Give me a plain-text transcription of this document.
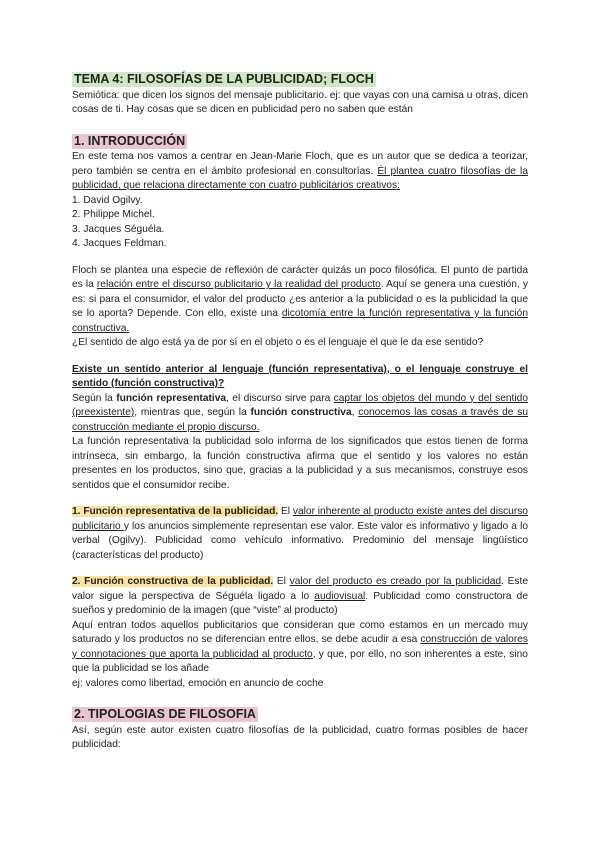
TEMA 4: FILOSOFÍAS DE LA PUBLICIDAD; FLOCH

Semiótica: que dicen los signos del mensaje publicitario. ej: que vayas con una camisa u otras, dicen cosas de ti. Hay cosas que se dicen en publicidad pero no saben que están

1. INTRODUCCIÓN

En este tema nos vamos a centrar en Jean-Marie Floch, que es un autor que se dedica a teorizar, pero también se centra en el ámbito profesional en consultorías. Él plantea cuatro filosofías de la publicidad, que relaciona directamente con cuatro publicitarios creativos:

1. David Ogilvy.
2. Philippe Michel.
3. Jacques Séguéla.
4. Jacques Feldman.

Floch se plantea una especie de reflexión de carácter quizás un poco filosófica. El punto de partida es la relación entre el discurso publicitario y la realidad del producto. Aquí se genera una cuestión, y es: si para el consumidor, el valor del producto ¿es anterior a la publicidad o es la publicidad la que se lo aporta? Depende. Con ello, existe una dicotomía entre la función representativa y la función constructiva.

¿El sentido de algo está ya de por sí en el objeto o es el lenguaje el que le da ese sentido?

Existe un sentido anterior al lenguaje (función representativa), o el lenguaje construye el sentido (función constructiva)?

Según la función representativa, el discurso sirve para captar los objetos del mundo y del sentido (preexistente), mientras que, según la función constructiva, conocemos las cosas a través de su construcción mediante el propio discurso.

La función representativa la publicidad solo informa de los significados que estos tienen de forma intrínseca, sin embargo, la función constructiva afirma que el sentido y los valores no están presentes en los productos, sino que, gracias a la publicidad y a sus mecanismos, construye esos sentidos que el consumidor recibe.

1. Función representativa de la publicidad. El valor inherente al producto existe antes del discurso publicitario y los anuncios simplemente representan ese valor. Este valor es informativo y ligado a lo verbal (Ogilvy). Publicidad como vehículo informativo. Predominio del mensaje lingüístico (características del producto)

2. Función constructiva de la publicidad. El valor del producto es creado por la publicidad. Este valor sigue la perspectiva de Séguéla ligado a lo audiovisual. Publicidad como constructora de sueños y predominio de la imagen (que “viste” al producto)

Aquí entran todos aquellos publicitarios que consideran que como estamos en un mercado muy saturado y los productos no se diferencian entre ellos, se debe acudir a esa construcción de valores y connotaciones que aporta la publicidad al producto, y que, por ello, no son inherentes a este, sino que la publicidad se los añade

ej: valores como libertad, emoción en anuncio de coche

2. TIPOLOGIAS DE FILOSOFIA

Así, según este autor existen cuatro filosofías de la publicidad, cuatro formas posibles de hacer publicidad:
